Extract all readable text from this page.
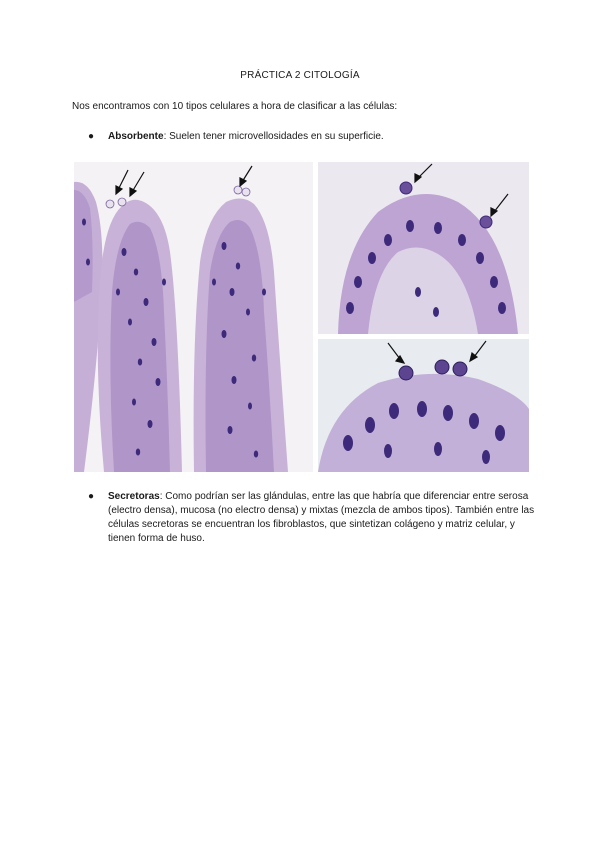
PRÁCTICA 2 CITOLOGÍA
Nos encontramos con 10 tipos celulares a hora de clasificar a las células:
● Absorbente: Suelen tener microvellosidades en su superficie.
● Secretoras: Como podrían ser las glándulas, entre las que habría que diferenciar entre serosa (electro densa), mucosa (no electro densa) y mixtas (mezcla de ambos tipos). También entre las células secretoras se encuentran los fibroblastos, que sintetizan colágeno y matriz celular, y tienen forma de huso.
